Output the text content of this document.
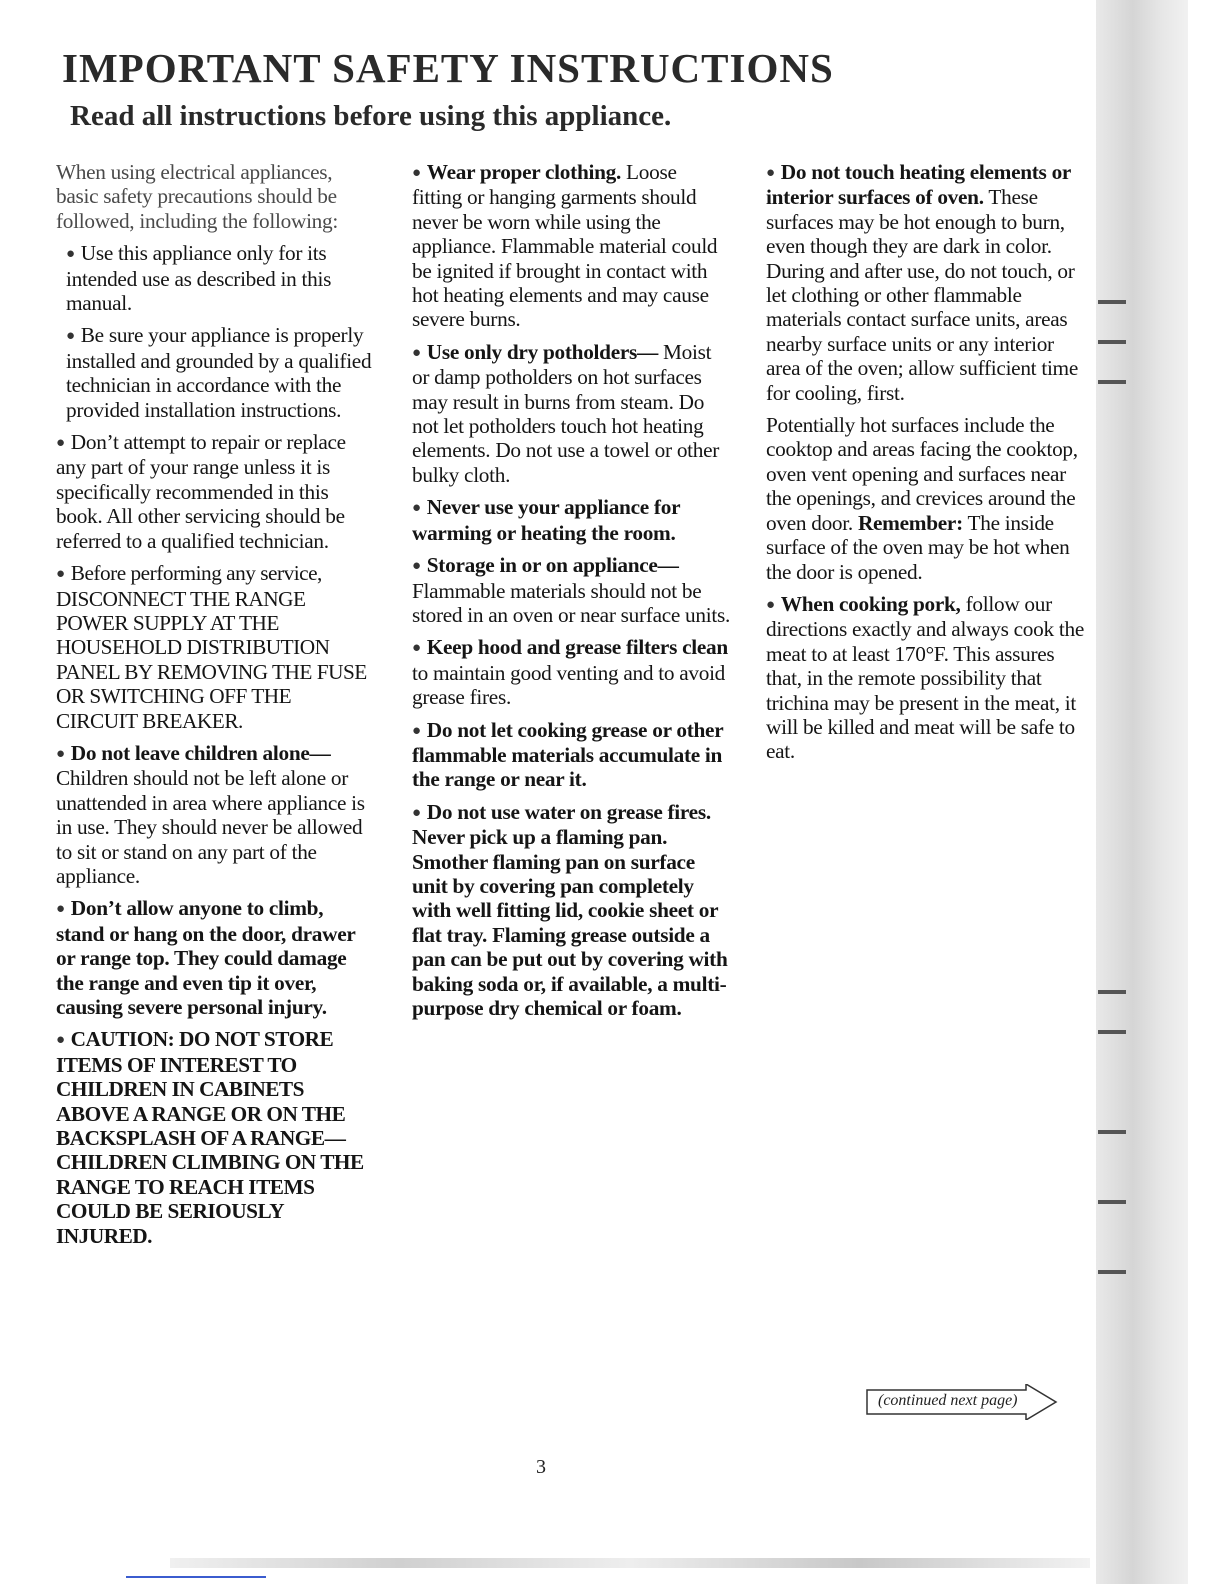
IMPORTANT SAFETY INSTRUCTIONS
Read all instructions before using this appliance.

When using electrical appliances, basic safety precautions should be followed, including the following:

● Use this appliance only for its intended use as described in this manual.

● Be sure your appliance is properly installed and grounded by a qualified technician in accordance with the provided installation instructions.

● Don’t attempt to repair or replace any part of your range unless it is specifically recommended in this book. All other servicing should be referred to a qualified technician.

● Before performing any service, DISCONNECT THE RANGE POWER SUPPLY AT THE HOUSEHOLD DISTRIBUTION PANEL BY REMOVING THE FUSE OR SWITCHING OFF THE CIRCUIT BREAKER.

● Do not leave children alone— Children should not be left alone or unattended in area where appliance is in use. They should never be allowed to sit or stand on any part of the appliance.

● Don’t allow anyone to climb, stand or hang on the door, drawer or range top. They could damage the range and even tip it over, causing severe personal injury.

● CAUTION: DO NOT STORE ITEMS OF INTEREST TO CHILDREN IN CABINETS ABOVE A RANGE OR ON THE BACKSPLASH OF A RANGE—CHILDREN CLIMBING ON THE RANGE TO REACH ITEMS COULD BE SERIOUSLY INJURED.

● Wear proper clothing. Loose fitting or hanging garments should never be worn while using the appliance. Flammable material could be ignited if brought in contact with hot heating elements and may cause severe burns.

● Use only dry potholders— Moist or damp potholders on hot surfaces may result in burns from steam. Do not let potholders touch hot heating elements. Do not use a towel or other bulky cloth.

● Never use your appliance for warming or heating the room.

● Storage in or on appliance— Flammable materials should not be stored in an oven or near surface units.

● Keep hood and grease filters clean to maintain good venting and to avoid grease fires.

● Do not let cooking grease or other flammable materials accumulate in the range or near it.

● Do not use water on grease fires. Never pick up a flaming pan. Smother flaming pan on surface unit by covering pan completely with well fitting lid, cookie sheet or flat tray. Flaming grease outside a pan can be put out by covering with baking soda or, if available, a multi-purpose dry chemical or foam.

● Do not touch heating elements or interior surfaces of oven. These surfaces may be hot enough to burn, even though they are dark in color. During and after use, do not touch, or let clothing or other flammable materials contact surface units, areas nearby surface units or any interior area of the oven; allow sufficient time for cooling, first.

Potentially hot surfaces include the cooktop and areas facing the cooktop, oven vent opening and surfaces near the openings, and crevices around the oven door. Remember: The inside surface of the oven may be hot when the door is opened.

● When cooking pork, follow our directions exactly and always cook the meat to at least 170°F. This assures that, in the remote possibility that trichina may be present in the meat, it will be killed and meat will be safe to eat.

(continued next page)
3
